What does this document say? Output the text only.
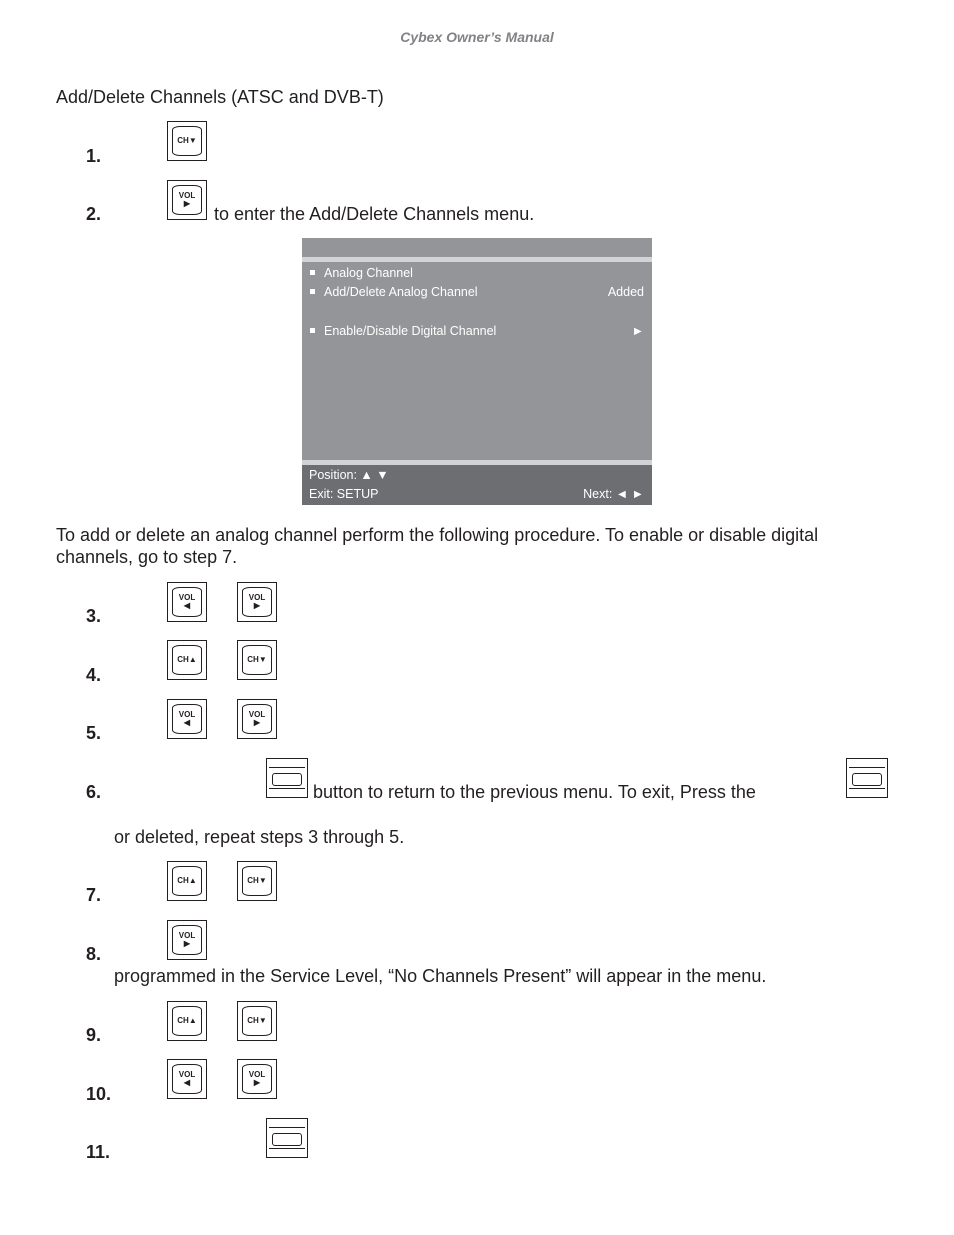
Cybex Owner’s Manual
Add/Delete Channels (ATSC and DVB-T)
1.
CH▼
2.
VOL
▶
to enter the Add/Delete Channels menu.
Analog Channel
Add/Delete Analog Channel	Added
Enable/Disable Digital Channel	►
Position: ▲ ▼
Exit: SETUP	Next: ◄ ►
To add or delete an analog channel perform the following procedure. To enable or disable digital channels, go to step 7.
3.
VOL
◀
VOL
▶
4.
CH▲	CH▼
5.
VOL
◀
VOL
▶
6.	button to return to the previous menu. To exit, Press the
or deleted, repeat steps 3 through 5.
7.
CH▲	CH▼
8.
VOL
▶
programmed in the Service Level, “No Channels Present” will appear in the menu.
9.
CH▲	CH▼
10.
VOL
◀
VOL
▶
11.
